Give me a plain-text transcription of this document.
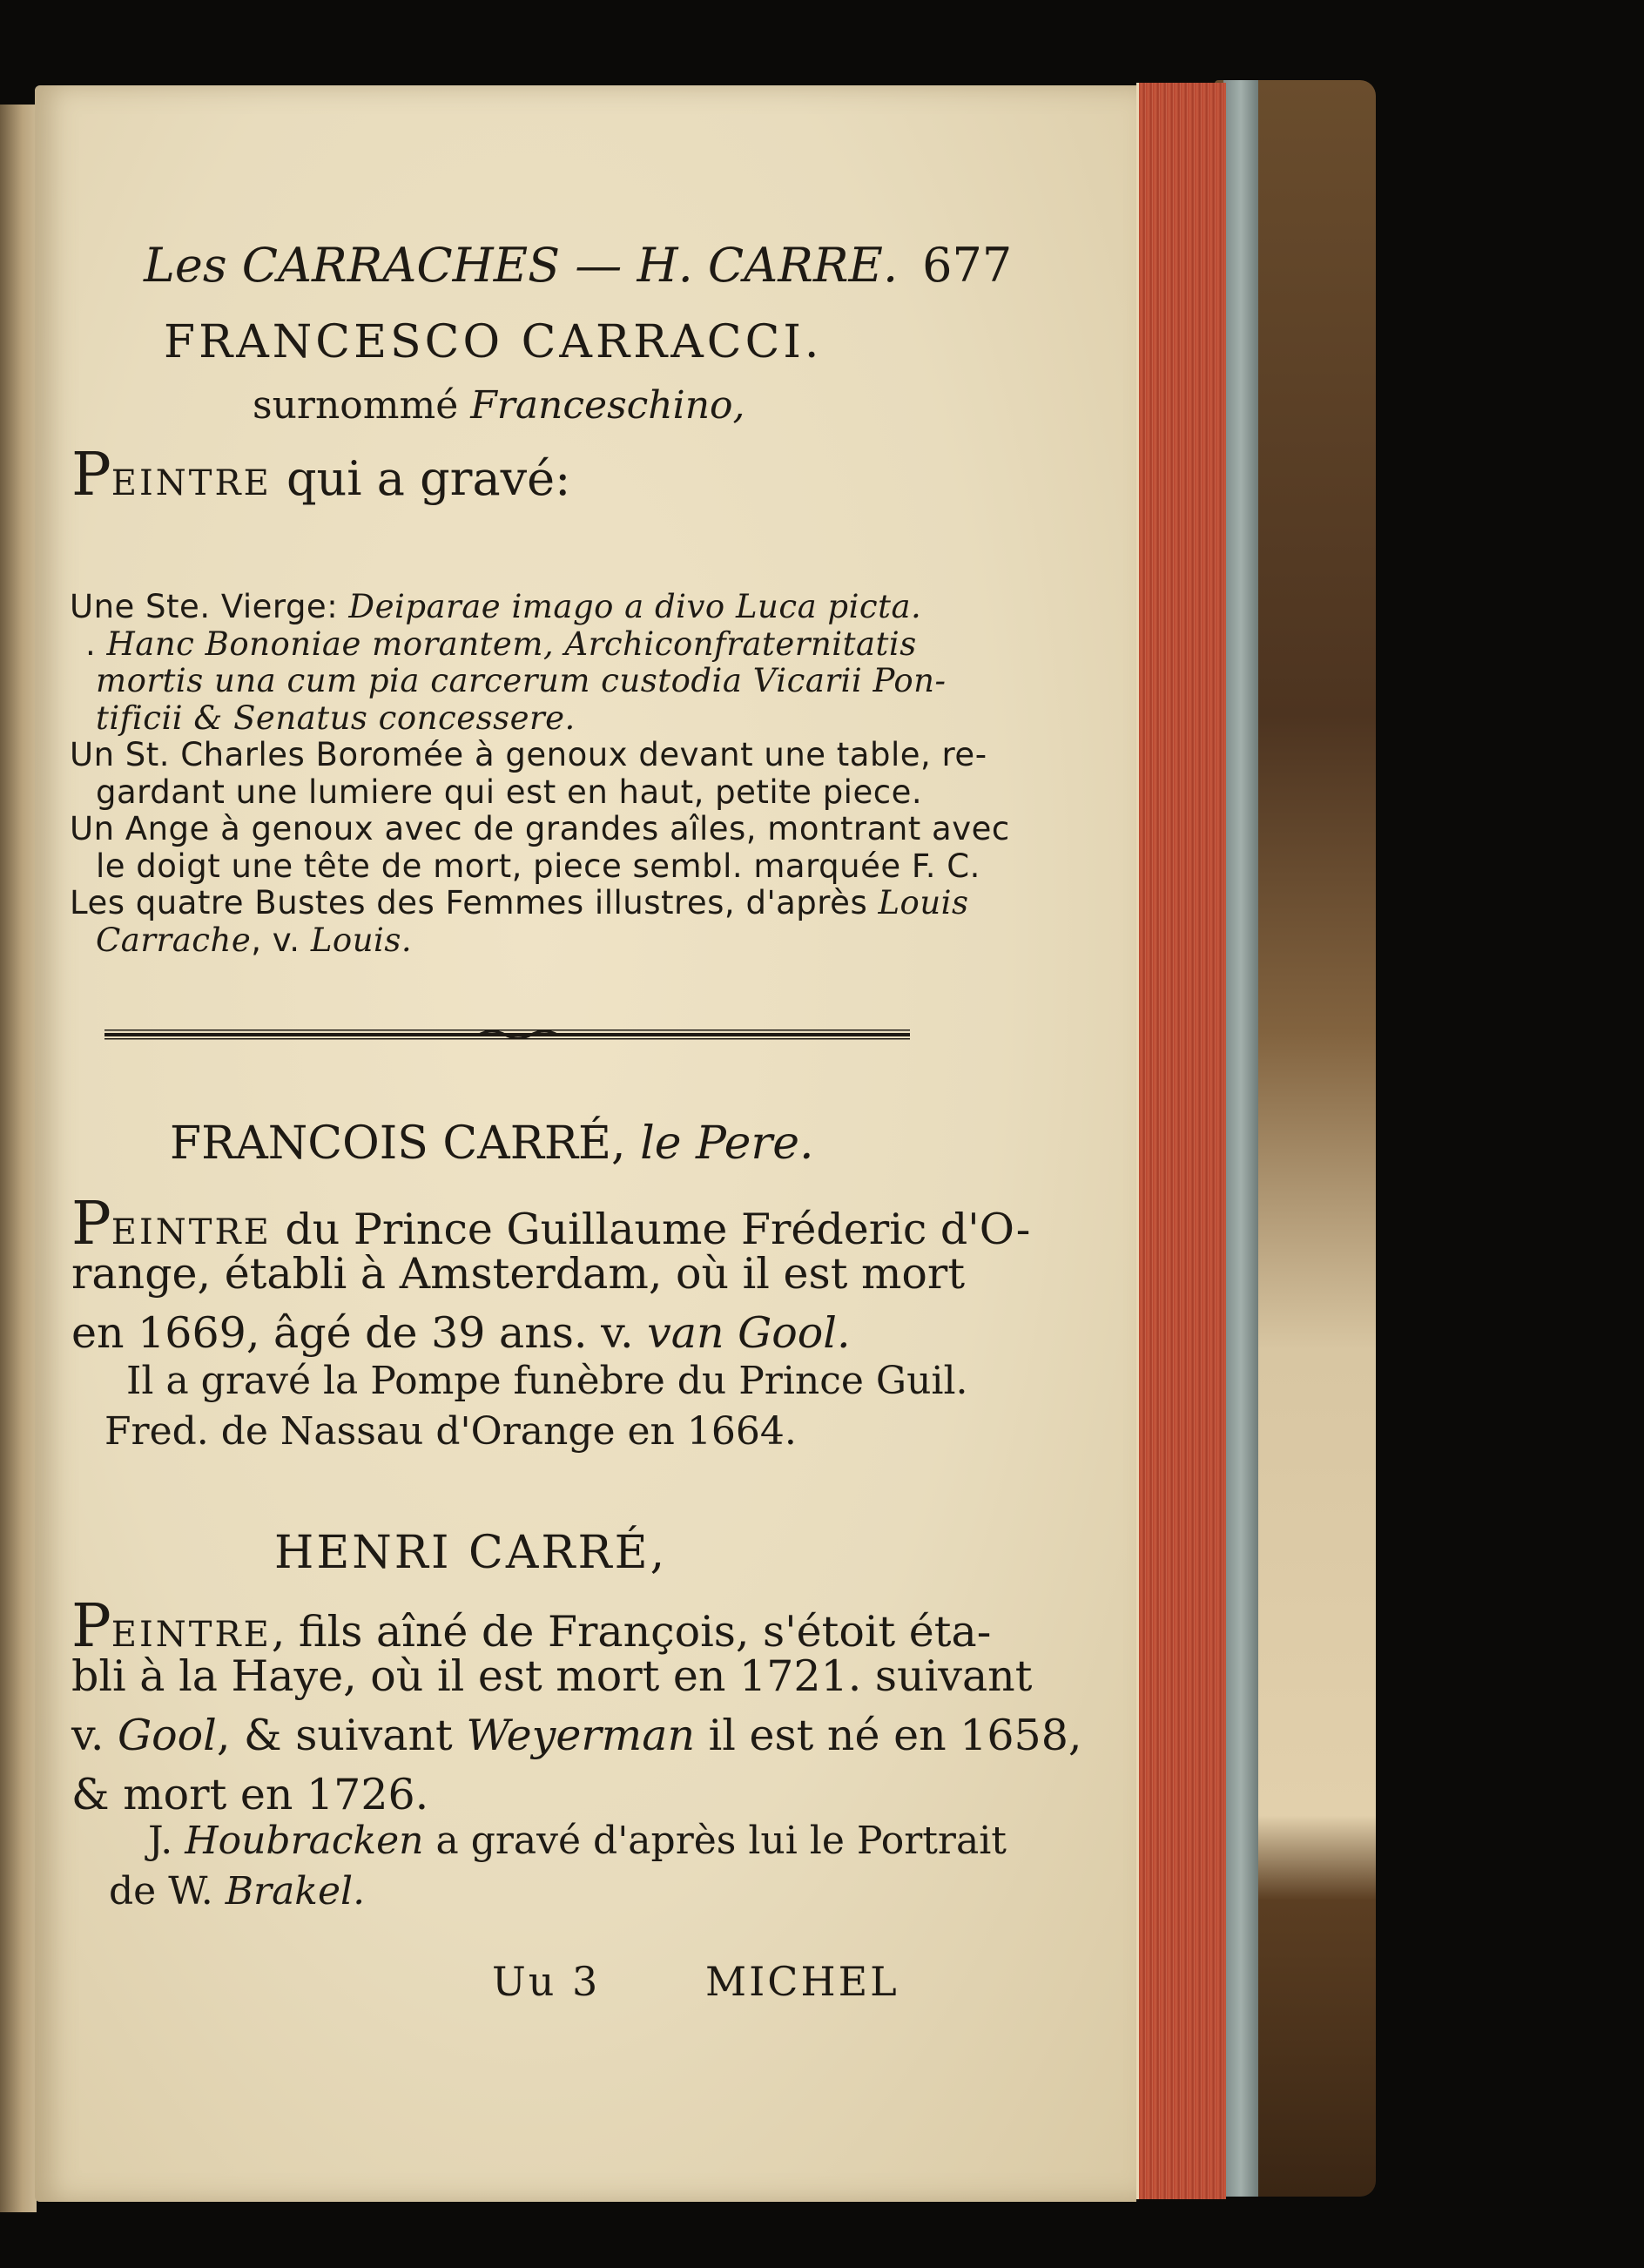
Les CARRACHES — H. CARRE. 677
FRANCESCO CARRACCI.
surnommé Franceschino,
PEINTRE qui a gravé:
Une Ste. Vierge: Deiparae imago a divo Luca picta.
. Hanc Bononiae morantem, Archiconfraternitatis
mortis una cum pia carcerum custodia Vicarii Pon-
tificii & Senatus concessere.
Un St. Charles Boromée à genoux devant une table, re-
gardant une lumiere qui est en haut, petite piece.
Un Ange à genoux avec de grandes aîles, montrant avec
le doigt une tête de mort, piece sembl. marquée F. C.
Les quatre Bustes des Femmes illustres, d'après Louis
Carrache, v. Louis.
FRANCOIS CARRÉ, le Pere.
PEINTRE du Prince Guillaume Fréderic d'O-
range, établi à Amsterdam, où il est mort
en 1669, âgé de 39 ans. v. van Gool.
Il a gravé la Pompe funèbre du Prince Guil.
Fred. de Nassau d'Orange en 1664.
HENRI CARRÉ,
PEINTRE, fils aîné de François, s'étoit éta-
bli à la Haye, où il est mort en 1721. suivant
v. Gool, & suivant Weyerman il est né en 1658,
& mort en 1726.
J. Houbracken a gravé d'après lui le Portrait
de W. Brakel.
Uu 3	MICHEL
